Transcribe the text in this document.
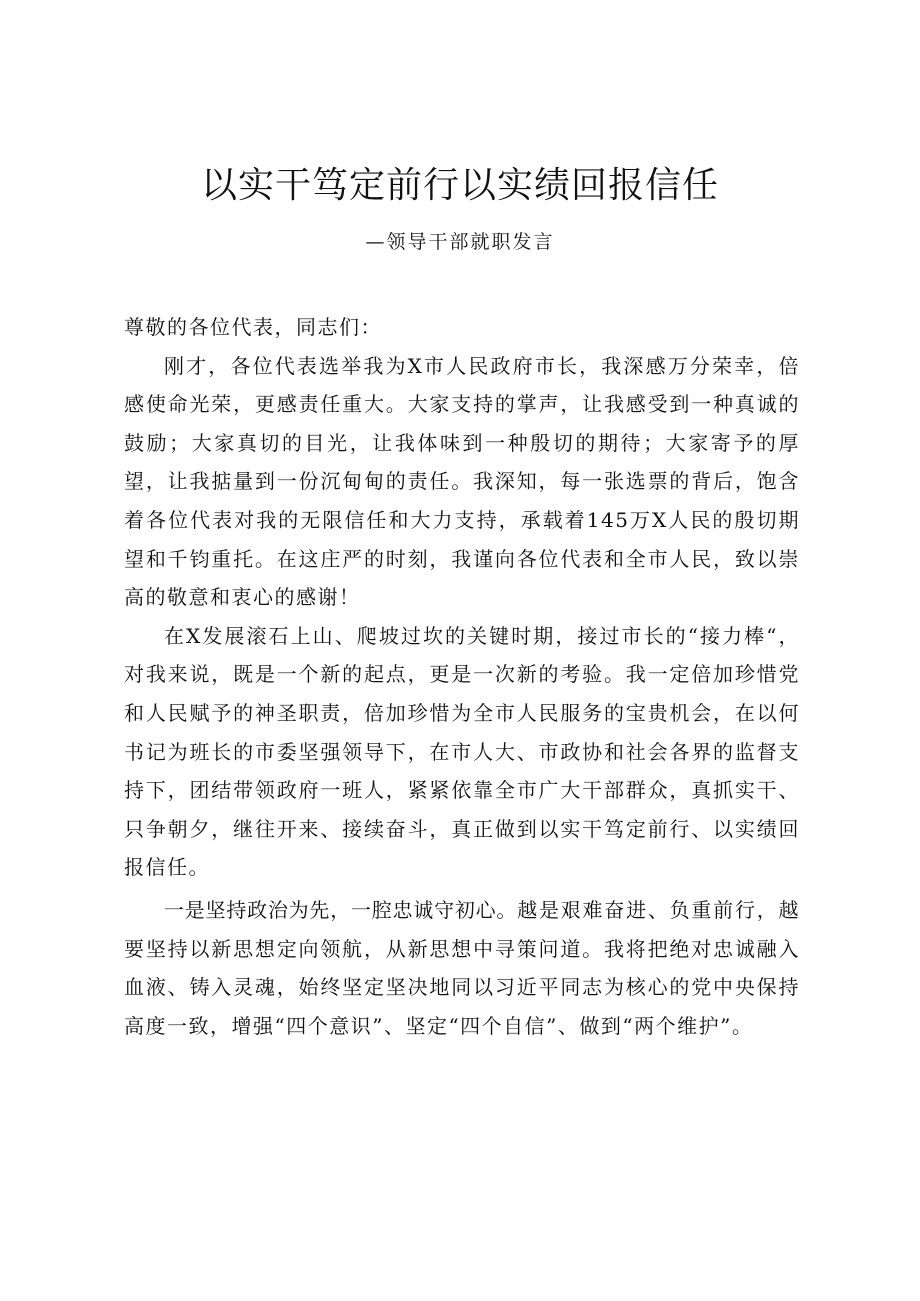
以实干笃定前行以实绩回报信任

—领导干部就职发言

尊敬的各位代表，同志们：

刚才，各位代表选举我为X市人民政府市长，我深感万分荣幸，倍感使命光荣，更感责任重大。大家支持的掌声，让我感受到一种真诚的鼓励；大家真切的目光，让我体味到一种殷切的期待；大家寄予的厚望，让我掂量到一份沉甸甸的责任。我深知，每一张选票的背后，饱含着各位代表对我的无限信任和大力支持，承载着145万X人民的殷切期望和千钧重托。在这庄严的时刻，我谨向各位代表和全市人民，致以崇高的敬意和衷心的感谢！

在X发展滚石上山、爬坡过坎的关键时期，接过市长的“接力棒“，对我来说，既是一个新的起点，更是一次新的考验。我一定倍加珍惜党和人民赋予的神圣职责，倍加珍惜为全市人民服务的宝贵机会，在以何书记为班长的市委坚强领导下，在市人大、市政协和社会各界的监督支持下，团结带领政府一班人，紧紧依靠全市广大干部群众，真抓实干、只争朝夕，继往开来、接续奋斗，真正做到以实干笃定前行、以实绩回报信任。

一是坚持政治为先，一腔忠诚守初心。越是艰难奋进、负重前行，越要坚持以新思想定向领航，从新思想中寻策问道。我将把绝对忠诚融入血液、铸入灵魂，始终坚定坚决地同以习近平同志为核心的党中央保持高度一致，增强“四个意识”、坚定“四个自信”、做到“两个维护”。
